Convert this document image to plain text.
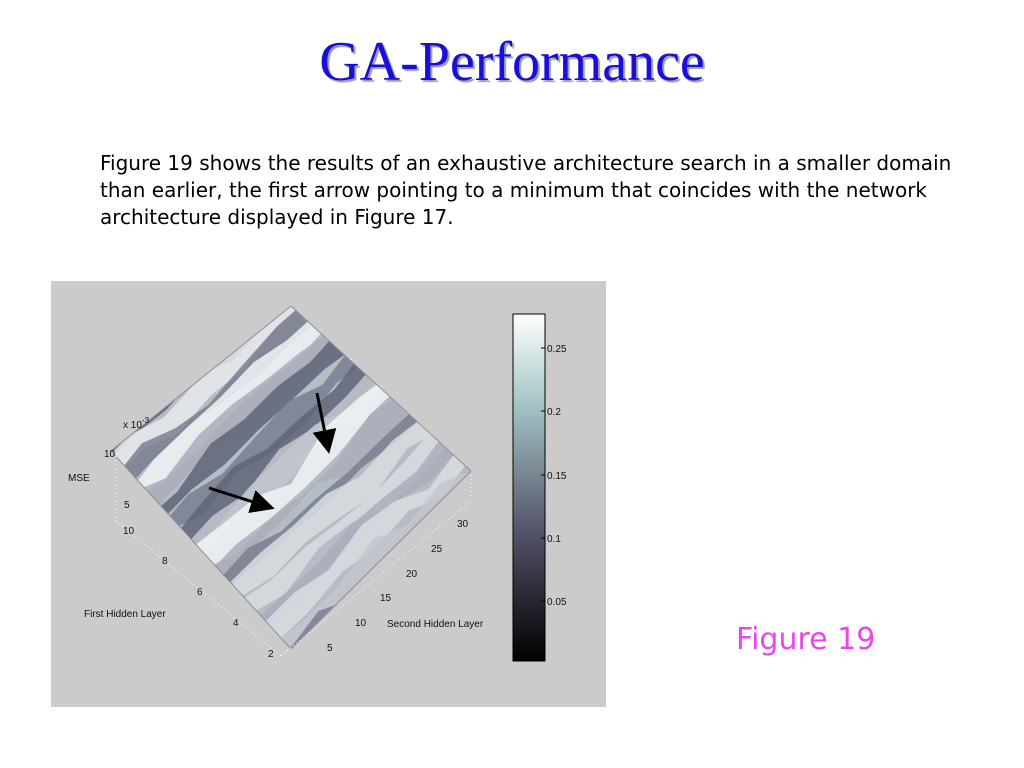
GA-Performance

Figure 19 shows the results of an exhaustive architecture search in a smaller domain than earlier, the first arrow pointing to a minimum that coincides with the network architecture displayed in Figure 17.

x $10^{-3}$
MSE
10
5
10
8
6
4
2
First Hidden Layer
5
10
15
20
25
30
Second Hidden Layer
0.25
0.2
0.15
0.1
0.05
Figure 19
